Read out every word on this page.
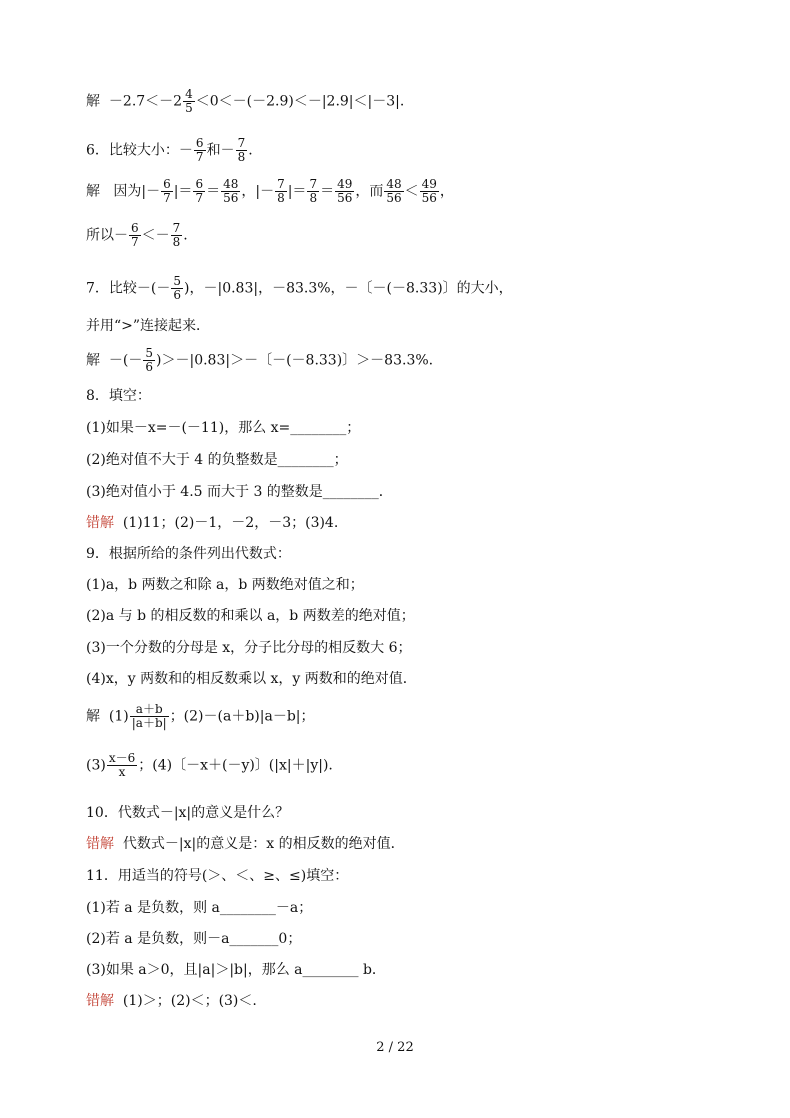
解 $-2.7<-2 \frac{4}{5} <0<-(-2.9)<-|2.9|<|-3|$.
6．比较大小：－ $\frac{6}{7}$ 和－ $\frac{7}{8}$ .
解 因为|－ $\frac{6}{7}$ |＝ $\frac{6}{7} = \frac{48}{56}$ ，|－ $\frac{7}{8}$ |＝ $\frac{7}{8} = \frac{49}{56}$ ，而 $\frac{48}{56} < \frac{49}{56}$ ，
所以－ $\frac{6}{7} <- \frac{7}{8}$ .
7．比较－(－ $\frac{5}{6}$ )，－|0.83|，－83.3%，－〔－(－8.33)〕的大小，
并用“>”连接起来．
解 －(－ $\frac{5}{6} )>-|0.83|>-$〔－(－8.33)〕＞－83.3%.
8．填空：
(1)如果－x=－(－11)，那么 x=________；
(2)绝对值不大于 4 的负整数是________；
(3)绝对值小于 4.5 而大于 3 的整数是________．
错解 (1)11；(2)－1，－2，－3；(3)4.
9．根据所给的条件列出代数式：
(1)a，b 两数之和除 a，b 两数绝对值之和；
(2)a 与 b 的相反数的和乘以 a，b 两数差的绝对值；
(3)一个分数的分母是 x，分子比分母的相反数大 6；
(4)x，y 两数和的相反数乘以 x，y 两数和的绝对值．
解 $(1) \frac{a+b}{|a+b|}$ ；(2)－(a＋b)|a－b|；
$(3) \frac{x-6}{x}$ ；(4)〔－x＋(－y)〕(|x|＋|y|).
10．代数式－|x|的意义是什么？
错解 代数式－|x|的意义是：x 的相反数的绝对值．
11．用适当的符号(＞、＜、≥、≤)填空：
(1)若 a 是负数，则 a________－a；
(2)若 a 是负数，则－a_______0；
(3)如果 a＞0，且|a|＞|b|，那么 a________ b．
错解 (1)＞；(2)＜；(3)＜.
2 / 22
